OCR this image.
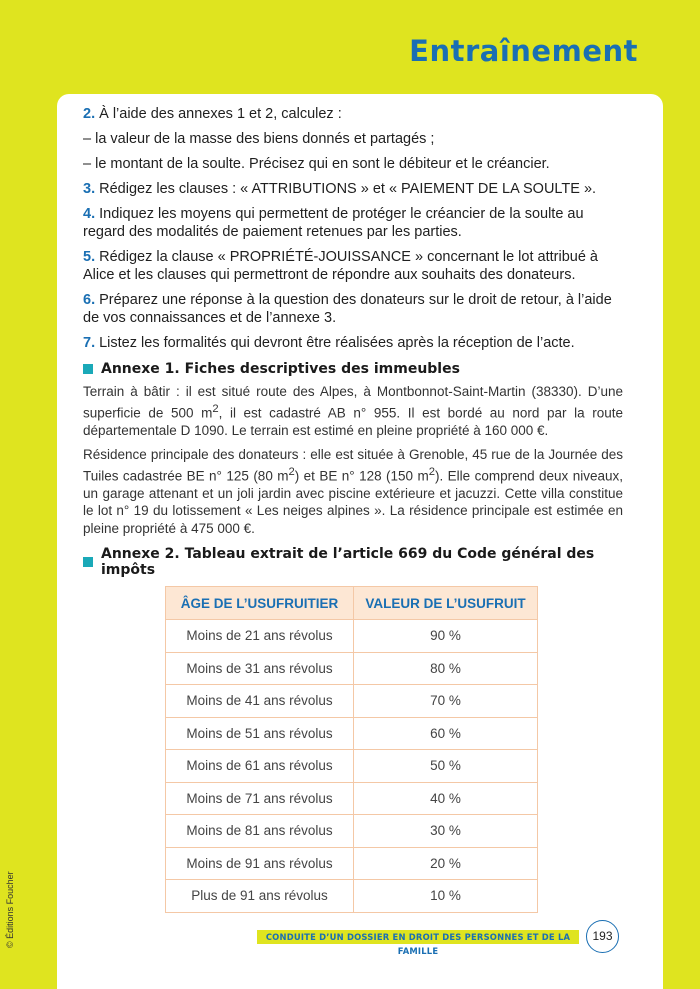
Entraînement

2. À l’aide des annexes 1 et 2, calculez :

– la valeur de la masse des biens donnés et partagés ;

– le montant de la soulte. Précisez qui en sont le débiteur et le créancier.

3. Rédigez les clauses : « ATTRIBUTIONS » et « PAIEMENT DE LA SOULTE ».

4. Indiquez les moyens qui permettent de protéger le créancier de la soulte au regard des modalités de paiement retenues par les parties.

5. Rédigez la clause « PROPRIÉTÉ-JOUISSANCE » concernant le lot attribué à Alice et les clauses qui permettront de répondre aux souhaits des donateurs.

6. Préparez une réponse à la question des donateurs sur le droit de retour, à l’aide de vos connaissances et de l’annexe 3.

7. Listez les formalités qui devront être réalisées après la réception de l’acte.

Annexe 1. Fiches descriptives des immeubles

Terrain à bâtir : il est situé route des Alpes, à Montbonnot-Saint-Martin (38330). D’une superficie de 500 $m^2$, il est cadastré AB n° 955. Il est bordé au nord par la route départementale D 1090. Le terrain est estimé en pleine propriété à 160 000 €.

Résidence principale des donateurs : elle est située à Grenoble, 45 rue de la Journée des Tuiles cadastrée BE n° 125 (80 $m^2$) et BE n° 128 (150 $m^2$). Elle comprend deux niveaux, un garage attenant et un joli jardin avec piscine extérieure et jacuzzi. Cette villa constitue le lot n° 19 du lotissement « Les neiges alpines ». La résidence principale est estimée en pleine propriété à 475 000 €.

Annexe 2. Tableau extrait de l’article 669 du Code général des impôts
ÂGE DE L’USUFRUITIER	VALEUR DE L’USUFRUIT
Moins de 21 ans révolus	90 %
Moins de 31 ans révolus	80 %
Moins de 41 ans révolus	70 %
Moins de 51 ans révolus	60 %
Moins de 61 ans révolus	50 %
Moins de 71 ans révolus	40 %
Moins de 81 ans révolus	30 %
Moins de 91 ans révolus	20 %
Plus de 91 ans révolus	10 %
© Éditions Foucher	CONDUITE D’UN DOSSIER EN DROIT DES PERSONNES ET DE LA FAMILLE
193
